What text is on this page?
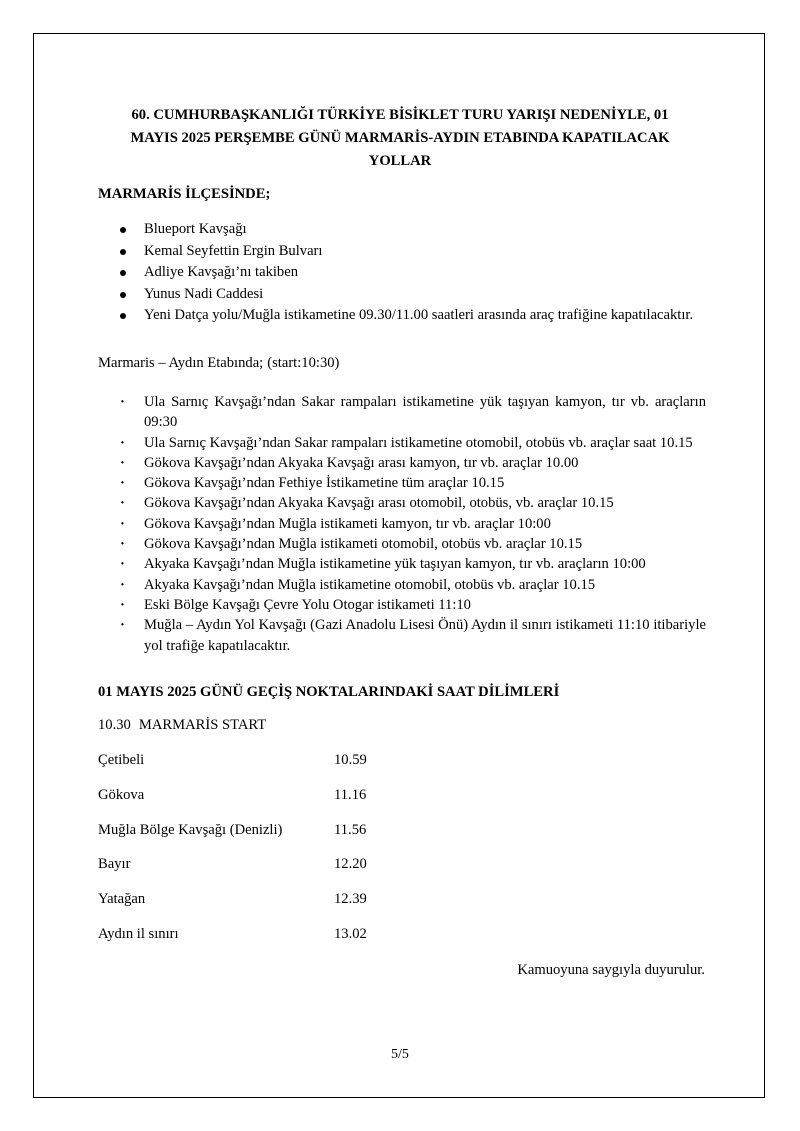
60. CUMHURBAŞKANLIĞI TÜRKİYE BİSİKLET TURU YARIŞI NEDENİYLE, 01
MAYIS 2025 PERŞEMBE GÜNÜ MARMARİS-AYDIN ETABINDA KAPATILACAK
YOLLAR
MARMARİS İLÇESİNDE;
Blueport Kavşağı
Kemal Seyfettin Ergin Bulvarı
Adliye Kavşağı’nı takiben
Yunus Nadi Caddesi
Yeni Datça yolu/Muğla istikametine 09.30/11.00 saatleri arasında araç trafiğine kapatılacaktır.
Marmaris – Aydın Etabında; (start:10:30)
· Ula Sarnıç Kavşağı’ndan Sakar rampaları istikametine yük taşıyan kamyon, tır vb. araçların 09:30
· Ula Sarnıç Kavşağı’ndan Sakar rampaları istikametine otomobil, otobüs vb. araçlar saat 10.15
· Gökova Kavşağı’ndan Akyaka Kavşağı arası kamyon, tır vb. araçlar 10.00
· Gökova Kavşağı’ndan Fethiye İstikametine tüm araçlar 10.15
· Gökova Kavşağı’ndan Akyaka Kavşağı arası otomobil, otobüs, vb. araçlar 10.15
· Gökova Kavşağı’ndan Muğla istikameti kamyon, tır vb. araçlar 10:00
· Gökova Kavşağı’ndan Muğla istikameti otomobil, otobüs vb. araçlar 10.15
· Akyaka Kavşağı’ndan Muğla istikametine yük taşıyan kamyon, tır vb. araçların 10:00
· Akyaka Kavşağı’ndan Muğla istikametine otomobil, otobüs vb. araçlar 10.15
· Eski Bölge Kavşağı Çevre Yolu Otogar istikameti 11:10
· Muğla – Aydın Yol Kavşağı (Gazi Anadolu Lisesi Önü) Aydın il sınırı istikameti 11:10 itibariyle yol trafiğe kapatılacaktır.
01 MAYIS 2025 GÜNÜ GEÇİŞ NOKTALARINDAKİ SAAT DİLİMLERİ
10.30 MARMARİS START
Çetibeli	10.59
Gökova	11.16
Muğla Bölge Kavşağı (Denizli)	11.56
Bayır	12.20
Yatağan	12.39
Aydın il sınırı	13.02
Kamuoyuna saygıyla duyurulur.
5/5
